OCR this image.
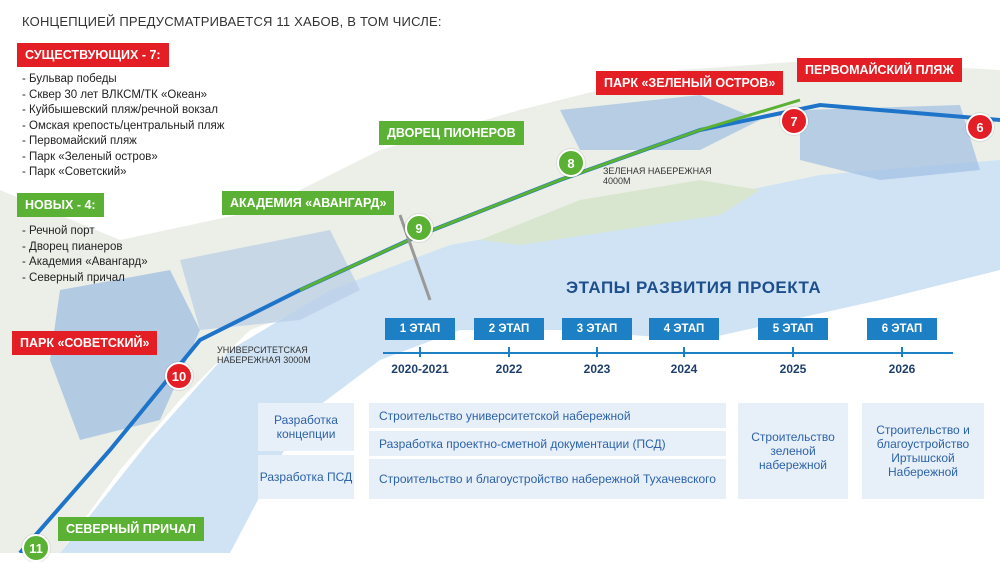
КОНЦЕПЦИЕЙ ПРЕДУСМАТРИВАЕТСЯ 11 ХАБОВ, В ТОМ ЧИСЛЕ:
СУЩЕСТВУЮЩИХ - 7:
- Бульвар победы
- Сквер 30 лет ВЛКСМ/ТК «Океан»
- Куйбышевский пляж/речной вокзал
- Омская крепость/центральный пляж
- Первомайский пляж
- Парк «Зеленый остров»
- Парк «Советский»
НОВЫХ - 4:
- Речной порт
- Дворец пианеров
- Академия «Авангард»
- Северный причал
ПАРК «ЗЕЛЕНЫЙ ОСТРОВ»
7
ПЕРВОМАЙСКИЙ ПЛЯЖ
6
ДВОРЕЦ ПИОНЕРОВ
8
АКАДЕМИЯ «АВАНГАРД»
9
ПАРК «СОВЕТСКИЙ»
10
СЕВЕРНЫЙ ПРИЧАЛ
11
ЗЕЛЕНАЯ НАБЕРЕЖНАЯ
4000М
УНИВЕРСИТЕТСКАЯ
НАБЕРЕЖНАЯ 3000М
ЭТАПЫ РАЗВИТИЯ ПРОЕКТА
1 ЭТАП	2 ЭТАП	3 ЭТАП	4 ЭТАП	5 ЭТАП	6 ЭТАП
2020-2021	2022	2023	2024	2025	2026
Разработка концепции
Разработка ПСД
Строительство университетской набережной
Разработка проектно-сметной документации (ПСД)
Строительство и благоустройство набережной Тухачевского
Строительство зеленой набережной
Строительство и благоустройство Иртышской Набережной
